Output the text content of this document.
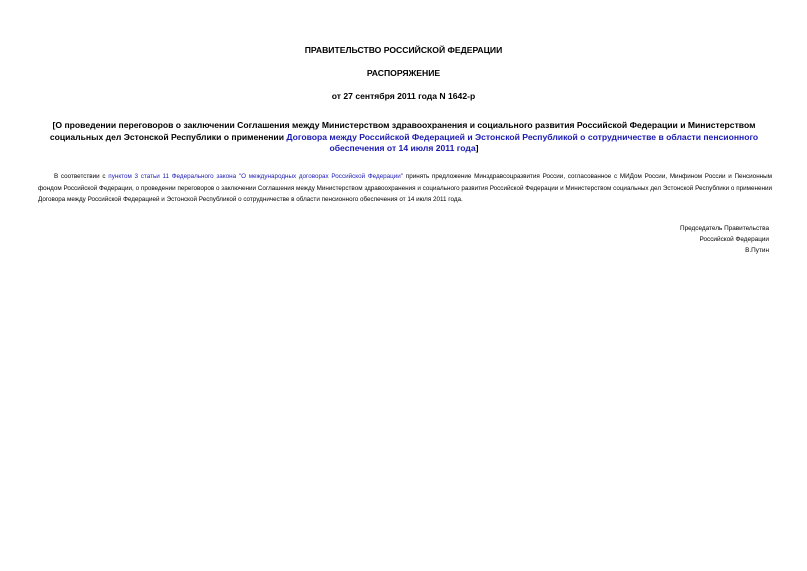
ПРАВИТЕЛЬСТВО РОССИЙСКОЙ ФЕДЕРАЦИИ
РАСПОРЯЖЕНИЕ
от 27 сентября 2011 года N 1642-р
[О проведении переговоров о заключении Соглашения между Министерством здравоохранения и социального развития Российской Федерации и Министерством социальных дел Эстонской Республики о применении Договора между Российской Федерацией и Эстонской Республикой о сотрудничестве в области пенсионного обеспечения от 14 июля 2011 года]
В соответствии с пунктом 3 статьи 11 Федерального закона "О международных договорах Российской Федерации" принять предложение Минздравсоцразвития России, согласованное с МИДом России, Минфином России и Пенсионным фондом Российской Федерации, о проведении переговоров о заключении Соглашения между Министерством здравоохранения и социального развития Российской Федерации и Министерством социальных дел Эстонской Республики о применении Договора между Российской Федерацией и Эстонской Республикой о сотрудничестве в области пенсионного обеспечения от 14 июля 2011 года.
Председатель Правительства
Российской Федерации
В.Путин
